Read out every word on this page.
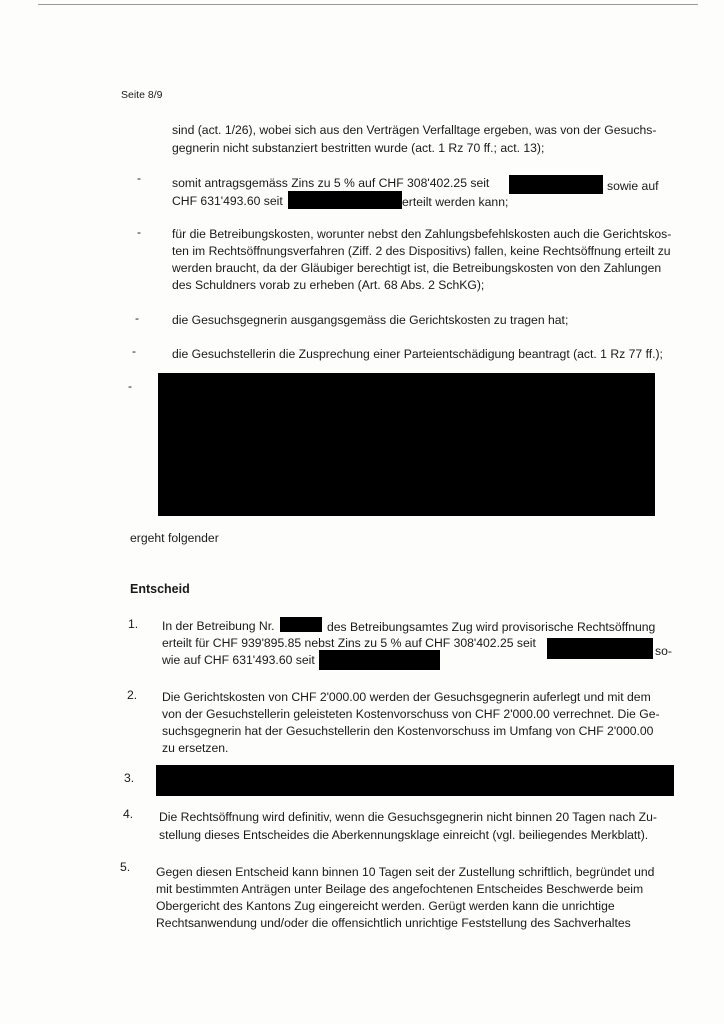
Seite 8/9
sind (act. 1/26), wobei sich aus den Verträgen Verfalltage ergeben, was von der Gesuchs-
gegnerin nicht substanziert bestritten wurde (act. 1 Rz 70 ff.; act. 13);
-	somit antragsgemäss Zins zu 5 % auf CHF 308'402.25 seit	sowie auf
CHF 631'493.60 seit	erteilt werden kann;
-	für die Betreibungskosten, worunter nebst den Zahlungsbefehlskosten auch die Gerichtskos-
ten im Rechtsöffnungsverfahren (Ziff. 2 des Dispositivs) fallen, keine Rechtsöffnung erteilt zu
werden braucht, da der Gläubiger berechtigt ist, die Betreibungskosten von den Zahlungen
des Schuldners vorab zu erheben (Art. 68 Abs. 2 SchKG);
-	die Gesuchsgegnerin ausgangsgemäss die Gerichtskosten zu tragen hat;
-	die Gesuchstellerin die Zusprechung einer Parteientschädigung beantragt (act. 1 Rz 77 ff.);
-
ergeht folgender
Entscheid
1. In der Betreibung Nr.	des Betreibungsamtes Zug wird provisorische Rechtsöffnung
erteilt für CHF 939'895.85 nebst Zins zu 5 % auf CHF 308'402.25 seit
so-
wie auf CHF 631'493.60 seit
2. Die Gerichtskosten von CHF 2'000.00 werden der Gesuchsgegnerin auferlegt und mit dem
von der Gesuchstellerin geleisteten Kostenvorschuss von CHF 2'000.00 verrechnet. Die Ge-
suchsgegnerin hat der Gesuchstellerin den Kostenvorschuss im Umfang von CHF 2'000.00
zu ersetzen.
3.
4. Die Rechtsöffnung wird definitiv, wenn die Gesuchsgegnerin nicht binnen 20 Tagen nach Zu-
stellung dieses Entscheides die Aberkennungsklage einreicht (vgl. beiliegendes Merkblatt).
5. Gegen diesen Entscheid kann binnen 10 Tagen seit der Zustellung schriftlich, begründet und
mit bestimmten Anträgen unter Beilage des angefochtenen Entscheides Beschwerde beim
Obergericht des Kantons Zug eingereicht werden. Gerügt werden kann die unrichtige
Rechtsanwendung und/oder die offensichtlich unrichtige Feststellung des Sachverhaltes
